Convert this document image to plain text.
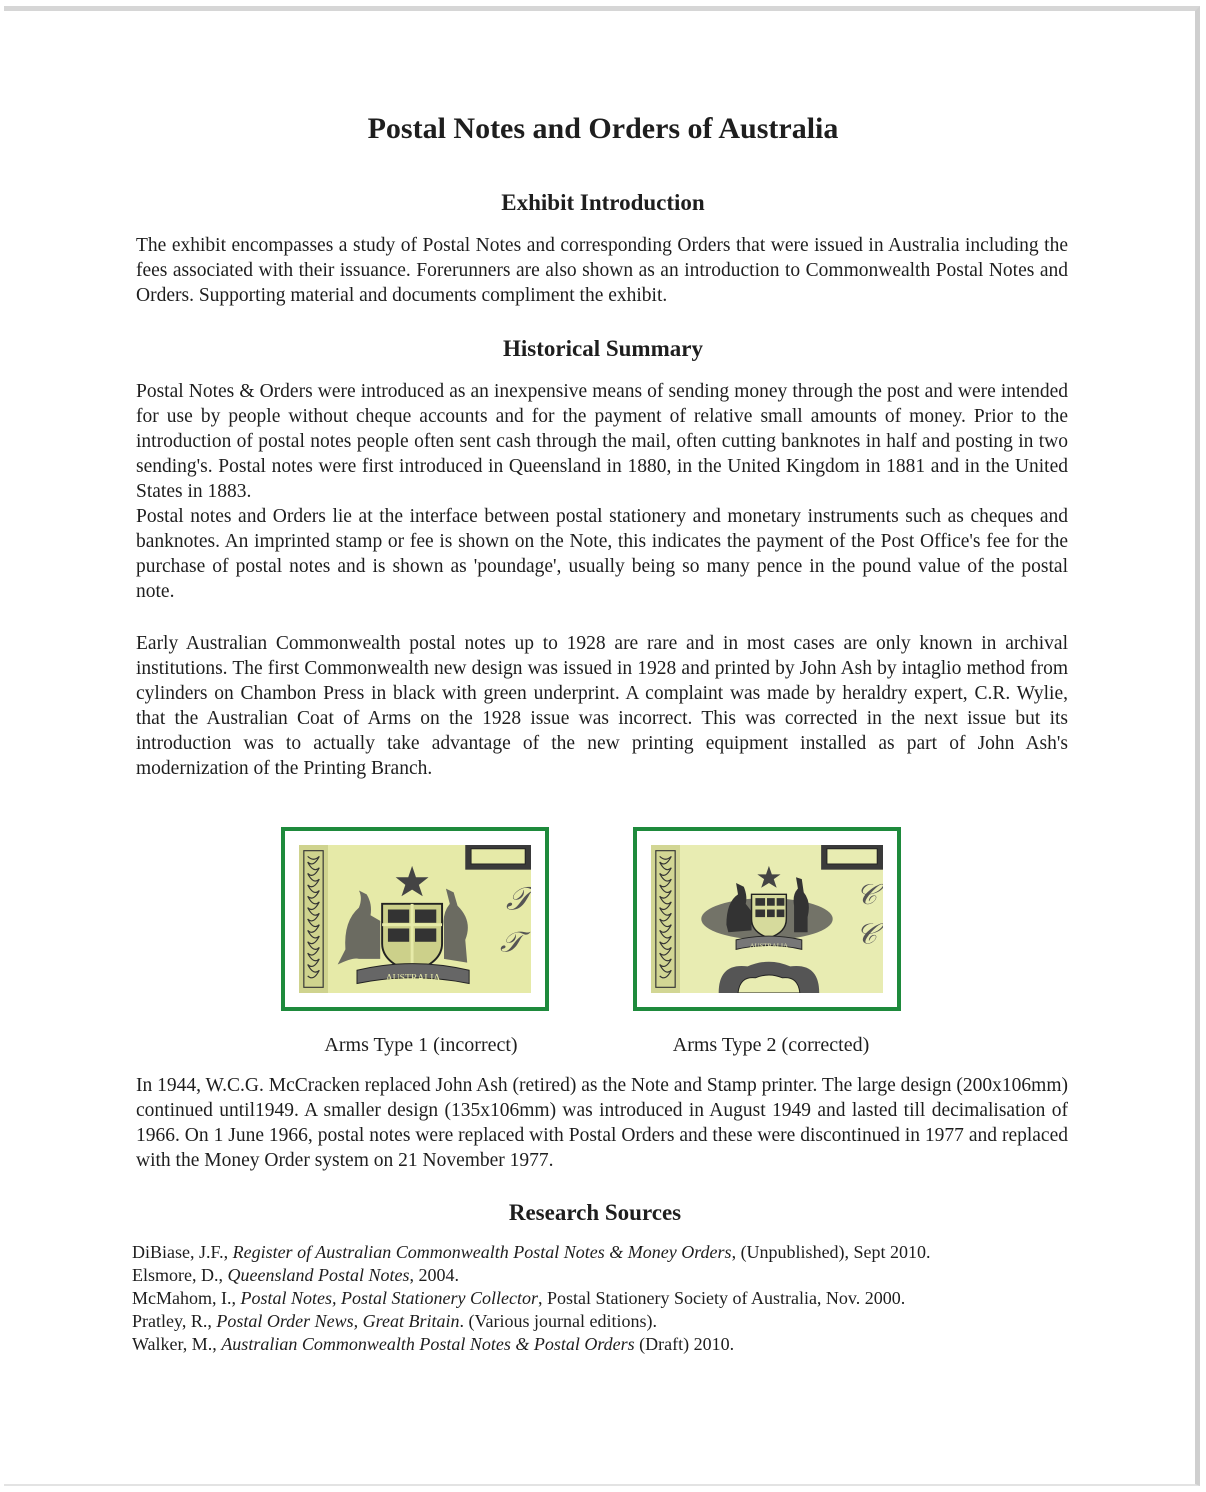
Postal Notes and Orders of Australia
Exhibit Introduction

The exhibit encompasses a study of Postal Notes and corresponding Orders that were issued in Australia including the fees associated with their issuance. Forerunners are also shown as an introduction to Commonwealth Postal Notes and Orders. Supporting material and documents compliment the exhibit.

Historical Summary

Postal Notes & Orders were introduced as an inexpensive means of sending money through the post and were intended for use by people without cheque accounts and for the payment of relative small amounts of money. Prior to the introduction of postal notes people often sent cash through the mail, often cutting banknotes in half and posting in two sending's. Postal notes were first introduced in Queensland in 1880, in the United Kingdom in 1881 and in the United States in 1883.

Postal notes and Orders lie at the interface between postal stationery and monetary instruments such as cheques and banknotes. An imprinted stamp or fee is shown on the Note, this indicates the payment of the Post Office's fee for the purchase of postal notes and is shown as 'poundage', usually being so many pence in the pound value of the postal note.

Early Australian Commonwealth postal notes up to 1928 are rare and in most cases are only known in archival institutions. The first Commonwealth new design was issued in 1928 and printed by John Ash by intaglio method from cylinders on Chambon Press in black with green underprint. A complaint was made by heraldry expert, C.R. Wylie, that the Australian Coat of Arms on the 1928 issue was incorrect. This was corrected in the next issue but its introduction was to actually take advantage of the new printing equipment installed as part of John Ash's modernization of the Printing Branch.

AUSTRALIA
𝒯
𝒯
Arms Type 1 (incorrect)
AUSTRALIA
𝒞
𝒞
Arms Type 2 (corrected)

In 1944, W.C.G. McCracken replaced John Ash (retired) as the Note and Stamp printer. The large design (200x106mm) continued until1949. A smaller design (135x106mm) was introduced in August 1949 and lasted till decimalisation of 1966. On 1 June 1966, postal notes were replaced with Postal Orders and these were discontinued in 1977 and replaced with the Money Order system on 21 November 1977.

Research Sources

DiBiase, J.F., Register of Australian Commonwealth Postal Notes & Money Orders, (Unpublished), Sept 2010.

Elsmore, D., Queensland Postal Notes, 2004.

McMahom, I., Postal Notes, Postal Stationery Collector, Postal Stationery Society of Australia, Nov. 2000.

Pratley, R., Postal Order News, Great Britain. (Various journal editions).

Walker, M., Australian Commonwealth Postal Notes & Postal Orders (Draft) 2010.
